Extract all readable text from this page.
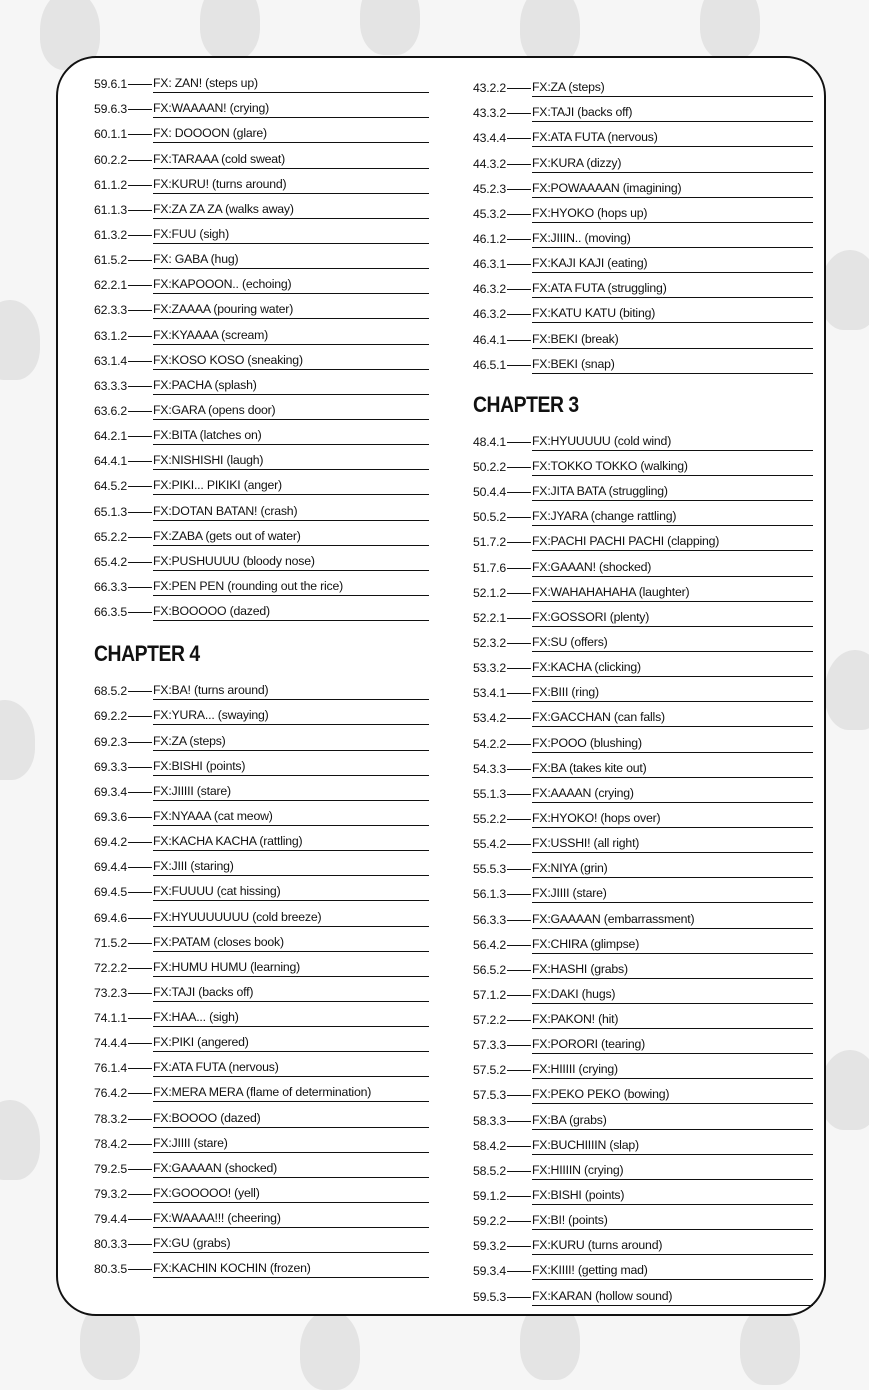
59.6.1 FX: ZAN! (steps up)
59.6.3 FX:WAAAAN! (crying)
60.1.1 FX: DOOOON (glare)
60.2.2 FX:TARAAA (cold sweat)
61.1.2 FX:KURU! (turns around)
61.1.3 FX:ZA ZA ZA (walks away)
61.3.2 FX:FUU (sigh)
61.5.2 FX: GABA (hug)
62.2.1 FX:KAPOOON.. (echoing)
62.3.3 FX:ZAAAA (pouring water)
63.1.2 FX:KYAAAA (scream)
63.1.4 FX:KOSO KOSO (sneaking)
63.3.3 FX:PACHA (splash)
63.6.2 FX:GARA (opens door)
64.2.1 FX:BITA (latches on)
64.4.1 FX:NISHISHI (laugh)
64.5.2 FX:PIKI... PIKIKI (anger)
65.1.3 FX:DOTAN BATAN! (crash)
65.2.2 FX:ZABA (gets out of water)
65.4.2 FX:PUSHUUUU (bloody nose)
66.3.3 FX:PEN PEN (rounding out the rice)
66.3.5 FX:BOOOOO (dazed)
CHAPTER 4
68.5.2 FX:BA! (turns around)
69.2.2 FX:YURA... (swaying)
69.2.3 FX:ZA (steps)
69.3.3 FX:BISHI (points)
69.3.4 FX:JIIIII (stare)
69.3.6 FX:NYAAA (cat meow)
69.4.2 FX:KACHA KACHA (rattling)
69.4.4 FX:JIII (staring)
69.4.5 FX:FUUUU (cat hissing)
69.4.6 FX:HYUUUUUUU (cold breeze)
71.5.2 FX:PATAM (closes book)
72.2.2 FX:HUMU HUMU (learning)
73.2.3 FX:TAJI (backs off)
74.1.1 FX:HAA... (sigh)
74.4.4 FX:PIKI (angered)
76.1.4 FX:ATA FUTA (nervous)
76.4.2 FX:MERA MERA (flame of determination)
78.3.2 FX:BOOOO (dazed)
78.4.2 FX:JIIII (stare)
79.2.5 FX:GAAAAN (shocked)
79.3.2 FX:GOOOOO! (yell)
79.4.4 FX:WAAAA!!! (cheering)
80.3.3 FX:GU (grabs)
80.3.5 FX:KACHIN KOCHIN (frozen)
43.2.2 FX:ZA (steps)
43.3.2 FX:TAJI (backs off)
43.4.4 FX:ATA FUTA (nervous)
44.3.2 FX:KURA (dizzy)
45.2.3 FX:POWAAAAN (imagining)
45.3.2 FX:HYOKO (hops up)
46.1.2 FX:JIIIN.. (moving)
46.3.1 FX:KAJI KAJI (eating)
46.3.2 FX:ATA FUTA (struggling)
46.3.2 FX:KATU KATU (biting)
46.4.1 FX:BEKI (break)
46.5.1 FX:BEKI (snap)
CHAPTER 3
48.4.1 FX:HYUUUUU (cold wind)
50.2.2 FX:TOKKO TOKKO (walking)
50.4.4 FX:JITA BATA (struggling)
50.5.2 FX:JYARA (change rattling)
51.7.2 FX:PACHI PACHI PACHI (clapping)
51.7.6 FX:GAAAN! (shocked)
52.1.2 FX:WAHAHAHAHA (laughter)
52.2.1 FX:GOSSORI (plenty)
52.3.2 FX:SU (offers)
53.3.2 FX:KACHA (clicking)
53.4.1 FX:BIII (ring)
53.4.2 FX:GACCHAN (can falls)
54.2.2 FX:POOO (blushing)
54.3.3 FX:BA (takes kite out)
55.1.3 FX:AAAAN (crying)
55.2.2 FX:HYOKO! (hops over)
55.4.2 FX:USSHI! (all right)
55.5.3 FX:NIYA (grin)
56.1.3 FX:JIIII (stare)
56.3.3 FX:GAAAAN (embarrassment)
56.4.2 FX:CHIRA (glimpse)
56.5.2 FX:HASHI (grabs)
57.1.2 FX:DAKI (hugs)
57.2.2 FX:PAKON! (hit)
57.3.3 FX:PORORI (tearing)
57.5.2 FX:HIIIII (crying)
57.5.3 FX:PEKO PEKO (bowing)
58.3.3 FX:BA (grabs)
58.4.2 FX:BUCHIIIIN (slap)
58.5.2 FX:HIIIIN (crying)
59.1.2 FX:BISHI (points)
59.2.2 FX:BI! (points)
59.3.2 FX:KURU (turns around)
59.3.4 FX:KIIII! (getting mad)
59.5.3 FX:KARAN (hollow sound)
